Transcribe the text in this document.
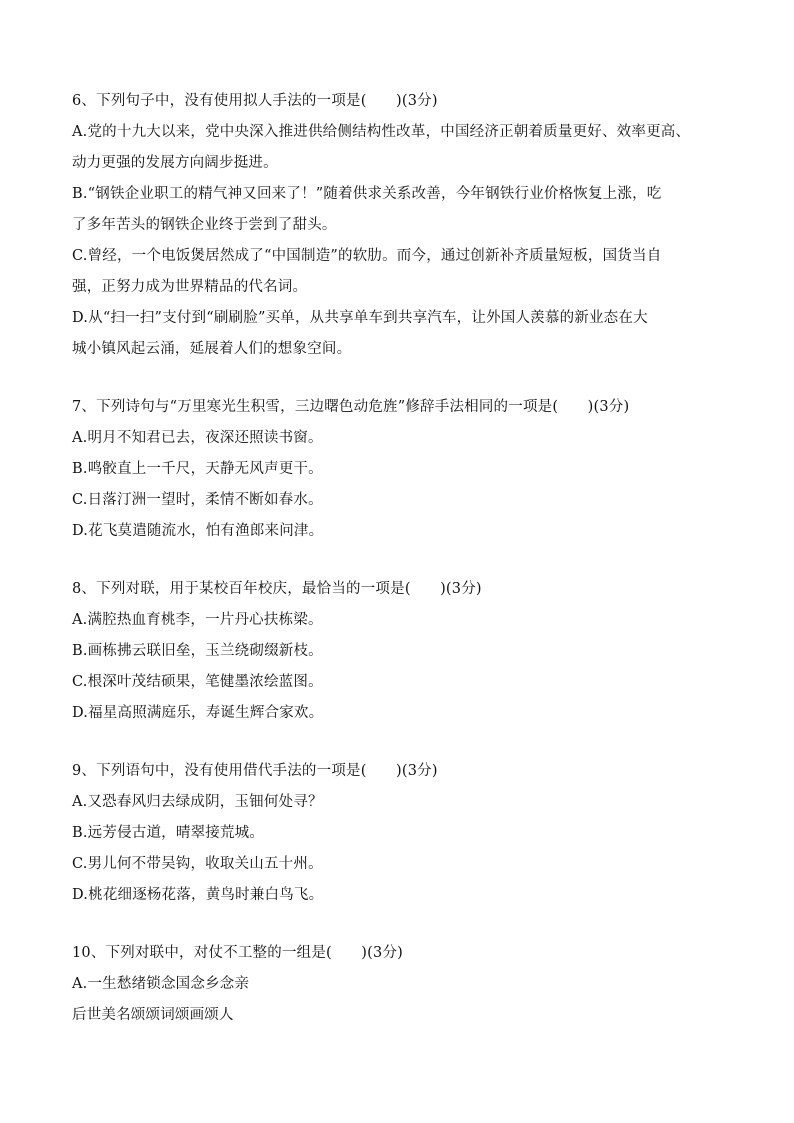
6、下列句子中，没有使用拟人手法的一项是(　　)(3分)
A.党的十九大以来，党中央深入推进供给侧结构性改革，中国经济正朝着质量更好、效率更高、
动力更强的发展方向阔步挺进。
B.“钢铁企业职工的精气神又回来了！”随着供求关系改善，今年钢铁行业价格恢复上涨，吃
了多年苦头的钢铁企业终于尝到了甜头。
C.曾经，一个电饭煲居然成了“中国制造”的软肋。而今，通过创新补齐质量短板，国货当自
强，正努力成为世界精品的代名词。
D.从“扫一扫”支付到“刷刷脸”买单，从共享单车到共享汽车，让外国人羡慕的新业态在大
城小镇风起云涌，延展着人们的想象空间。
7、下列诗句与“万里寒光生积雪，三边曙色动危旌”修辞手法相同的一项是(　　)(3分)
A.明月不知君已去，夜深还照读书窗。
B.鸣骹直上一千尺，天静无风声更干。
C.日落汀洲一望时，柔情不断如春水。
D.花飞莫遣随流水，怕有渔郎来问津。
8、下列对联，用于某校百年校庆，最恰当的一项是(　　)(3分)
A.满腔热血育桃李，一片丹心扶栋梁。
B.画栋拂云联旧垒，玉兰绕砌缀新枝。
C.根深叶茂结硕果，笔健墨浓绘蓝图。
D.福星高照满庭乐，寿诞生辉合家欢。
9、下列语句中，没有使用借代手法的一项是(　　)(3分)
A.又恐春风归去绿成阴，玉钿何处寻？
B.远芳侵古道，晴翠接荒城。
C.男儿何不带吴钩，收取关山五十州。
D.桃花细逐杨花落，黄鸟时兼白鸟飞。
10、下列对联中，对仗不工整的一组是(　　)(3分)
A.一生愁绪锁念国念乡念亲
后世美名颂颂词颂画颂人
